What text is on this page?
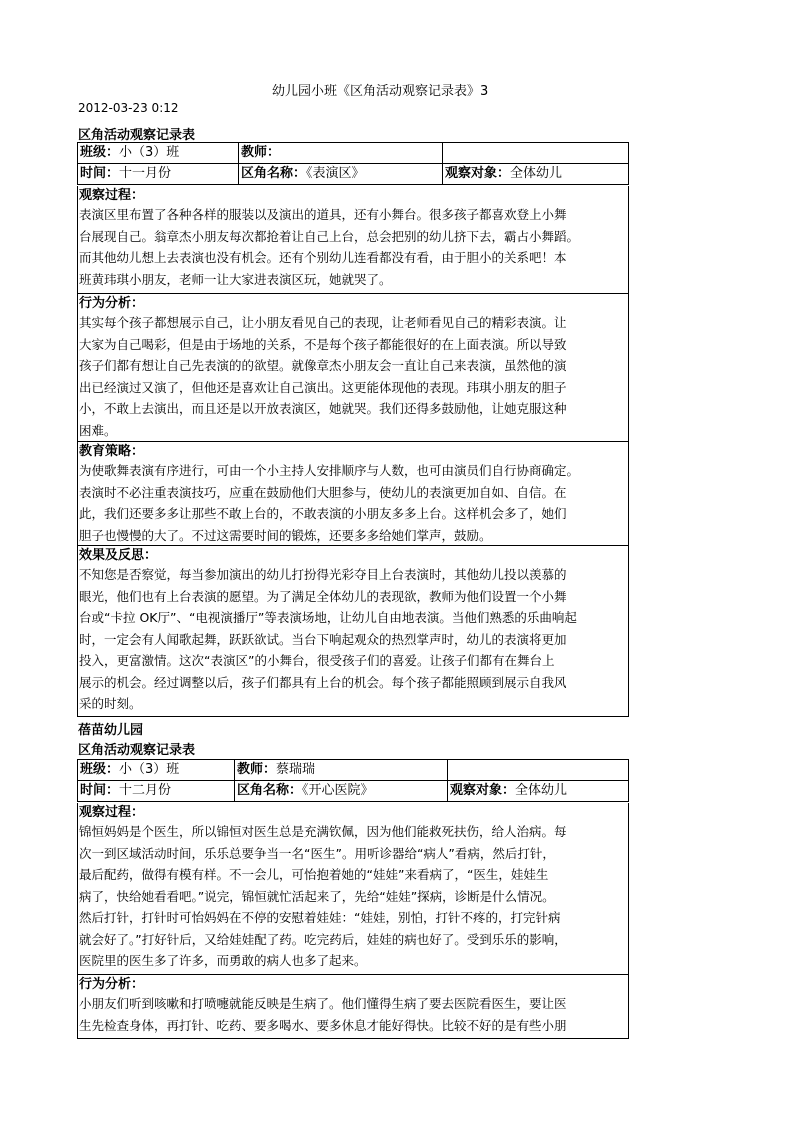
幼儿园小班《区角活动观察记录表》3
2012-03-23 0:12
区角活动观察记录表
班级：小（3）班	教师：	
时间：十一月份	区角名称：《表演区》	观察对象：全体幼儿
观察过程：
表演区里布置了各种各样的服装以及演出的道具，还有小舞台。很多孩子都喜欢登上小舞
台展现自己。翁章杰小朋友每次都抢着让自己上台，总会把别的幼儿挤下去，霸占小舞蹈。
而其他幼儿想上去表演也没有机会。还有个别幼儿连看都没有看，由于胆小的关系吧！本
班黄玮琪小朋友，老师一让大家进表演区玩，她就哭了。
行为分析：
其实每个孩子都想展示自己，让小朋友看见自己的表现，让老师看见自己的精彩表演。让
大家为自己喝彩，但是由于场地的关系，不是每个孩子都能很好的在上面表演。所以导致
孩子们都有想让自己先表演的的欲望。就像章杰小朋友会一直让自己来表演，虽然他的演
出已经演过又演了，但他还是喜欢让自己演出。这更能体现他的表现。玮琪小朋友的胆子
小，不敢上去演出，而且还是以开放表演区，她就哭。我们还得多鼓励他，让她克服这种
困难。
教育策略：
为使歌舞表演有序进行，可由一个小主持人安排顺序与人数，也可由演员们自行协商确定。
表演时不必注重表演技巧，应重在鼓励他们大胆参与，使幼儿的表演更加自如、自信。在
此，我们还要多多让那些不敢上台的，不敢表演的小朋友多多上台。这样机会多了，她们
胆子也慢慢的大了。不过这需要时间的锻炼，还要多多给她们掌声，鼓励。
效果及反思：
不知您是否察觉，每当参加演出的幼儿打扮得光彩夺目上台表演时，其他幼儿投以羡慕的
眼光，他们也有上台表演的愿望。为了满足全体幼儿的表现欲，教师为他们设置一个小舞
台或“卡拉 OK厅”、“电视演播厅”等表演场地，让幼儿自由地表演。当他们熟悉的乐曲响起
时，一定会有人闻歌起舞，跃跃欲试。当台下响起观众的热烈掌声时，幼儿的表演将更加
投入，更富激情。这次“表演区”的小舞台，很受孩子们的喜爱。让孩子们都有在舞台上
展示的机会。经过调整以后，孩子们都具有上台的机会。每个孩子都能照顾到展示自我风
采的时刻。
蓓苗幼儿园
区角活动观察记录表
班级：小（3）班	教师：蔡瑞瑞	
时间：十二月份	区角名称：《开心医院》	观察对象：全体幼儿
观察过程：
锦恒妈妈是个医生，所以锦恒对医生总是充满钦佩，因为他们能救死扶伤，给人治病。每
次一到区域活动时间，乐乐总要争当一名“医生”。用听诊器给“病人”看病，然后打针，
最后配药，做得有模有样。不一会儿，可怡抱着她的“娃娃”来看病了，“医生，娃娃生
病了，快给她看看吧。”说完，锦恒就忙活起来了，先给“娃娃”探病，诊断是什么情况。
然后打针，打针时可怡妈妈在不停的安慰着娃娃：“娃娃，别怕，打针不疼的，打完针病
就会好了。”打好针后，又给娃娃配了药。吃完药后，娃娃的病也好了。受到乐乐的影响，
医院里的医生多了许多，而勇敢的病人也多了起来。
行为分析：
小朋友们听到咳嗽和打喷嚏就能反映是生病了。他们懂得生病了要去医院看医生，要让医
生先检查身体，再打针、吃药、要多喝水、要多休息才能好得快。比较不好的是有些小朋
